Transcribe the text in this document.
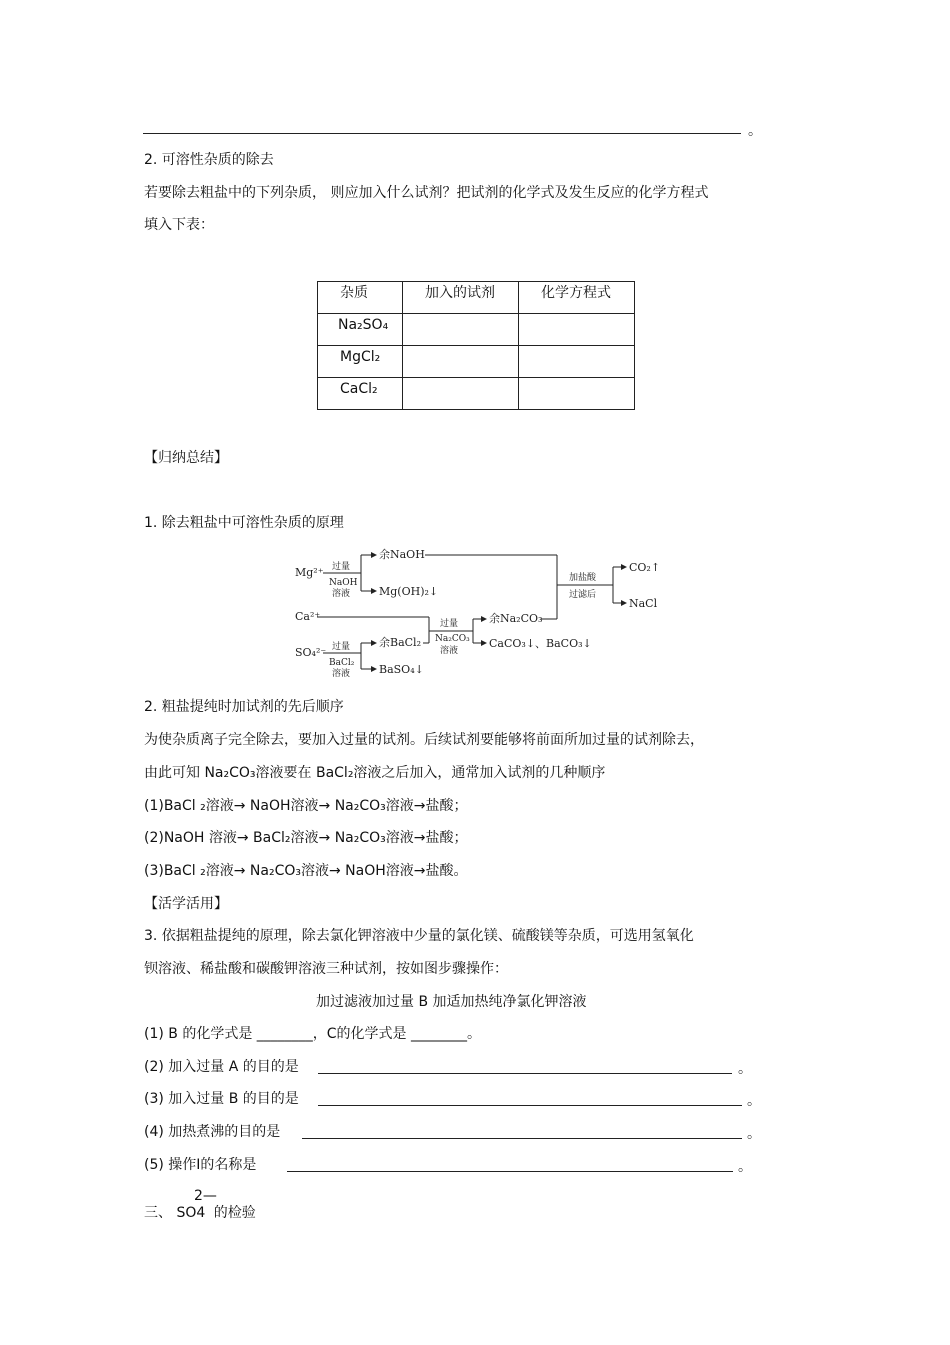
。
2. 可溶性杂质的除去
若要除去粗盐中的下列杂质， 则应加入什么试剂？把试剂的化学式及发生反应的化学方程式
填入下表：
杂质	加入的试剂	化学方程式
Na₂SO₄		
MgCl₂		
CaCl₂		
【归纳总结】
1. 除去粗盐中可溶性杂质的原理
Mg²⁺
Ca²⁺
SO₄²⁻
过量
NaOH
溶液
余NaOH
Mg(OH)₂↓
过量
BaCl₂
溶液
余BaCl₂
BaSO₄↓
过量
Na₂CO₃
溶液
余Na₂CO₃
CaCO₃↓、BaCO₃↓
加盐酸
过滤后
CO₂↑
NaCl
2. 粗盐提纯时加试剂的先后顺序
为使杂质离子完全除去，要加入过量的试剂。后续试剂要能够将前面所加过量的试剂除去，
由此可知 Na₂CO₃溶液要在 BaCl₂溶液之后加入，通常加入试剂的几种顺序
(1)BaCl ₂溶液→ NaOH溶液→ Na₂CO₃溶液→盐酸；
(2)NaOH 溶液→ BaCl₂溶液→ Na₂CO₃溶液→盐酸；
(3)BaCl ₂溶液→ Na₂CO₃溶液→ NaOH溶液→盐酸。
【活学活用】
3. 依据粗盐提纯的原理，除去氯化钾溶液中少量的氯化镁、硫酸镁等杂质，可选用氢氧化
钡溶液、稀盐酸和碳酸钾溶液三种试剂，按如图步骤操作：
加过滤液加过量 B 加适加热纯净氯化钾溶液
(1) B 的化学式是 ________，C的化学式是 ________。
(2) 加入过量 A 的目的是	。
(3) 加入过量 B 的目的是	。
(4) 加热煮沸的目的是	。
(5) 操作Ⅰ的名称是	。
三、 SO4 的检验
2—
